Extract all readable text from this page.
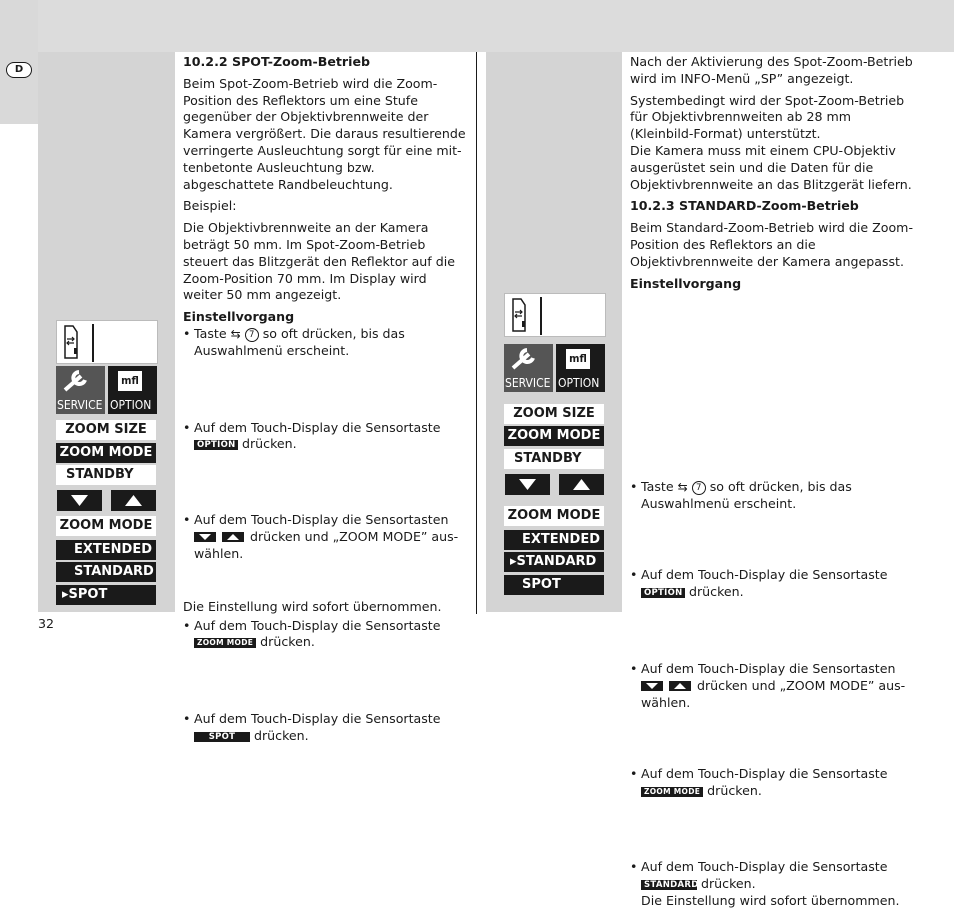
D
SERVICE
mfl
OPTION
ZOOM SIZE
ZOOM MODE
STANDBY
ZOOM MODE
EXTENDED
STANDARD
▸SPOT
SERVICE
mfl
OPTION
ZOOM SIZE
ZOOM MODE
STANDBY
ZOOM MODE
EXTENDED
▸STANDARD
SPOT

10.2.2 SPOT-Zoom-Betrieb

Beim Spot-Zoom-Betrieb wird die Zoom-Position des Reflektors um eine Stufe gegenüber der Objektivbrennweite der Kamera vergrößert. Die daraus resultierende verringerte Ausleuchtung sorgt für eine mit-tenbetonte Ausleuchtung bzw. abgeschattete Randbeleuchtung.

Beispiel:

Die Objektivbrennweite an der Kamera beträgt 50 mm. Im Spot-Zoom-Betrieb steuert das Blitzgerät den Reflektor auf die Zoom-Position 70 mm. Im Display wird weiter 50 mm angezeigt.

Einstellvorgang

• Taste ⇆ 7 so oft drücken, bis das Auswahlmenü erscheint.
• Auf dem Touch-Display die Sensortaste
OPTION drücken.
• Auf dem Touch-Display die Sensortasten
drücken und „ZOOM MODE” aus-wählen.
• Auf dem Touch-Display die Sensortaste
ZOOM MODE drücken.
• Auf dem Touch-Display die Sensortaste
SPOT drücken.
Die Einstellung wird sofort übernommen.

Nach der Aktivierung des Spot-Zoom-Betrieb wird im INFO-Menü „SP” angezeigt.

Systembedingt wird der Spot-Zoom-Betrieb für Objektivbrennweiten ab 28 mm (Kleinbild-Format) unterstützt.

Die Kamera muss mit einem CPU-Objektiv ausgerüstet sein und die Daten für die Objektivbrennweite an das Blitzgerät liefern.

10.2.3 STANDARD-Zoom-Betrieb

Beim Standard-Zoom-Betrieb wird die Zoom-Position des Reflektors an die Objektivbrennweite der Kamera angepasst.

Einstellvorgang

• Taste ⇆ 7 so oft drücken, bis das Auswahlmenü erscheint.
• Auf dem Touch-Display die Sensortaste
OPTION drücken.
• Auf dem Touch-Display die Sensortasten
drücken und „ZOOM MODE” aus-wählen.
• Auf dem Touch-Display die Sensortaste
ZOOM MODE drücken.
• Auf dem Touch-Display die Sensortaste
STANDARD drücken.
Die Einstellung wird sofort übernommen.
32
